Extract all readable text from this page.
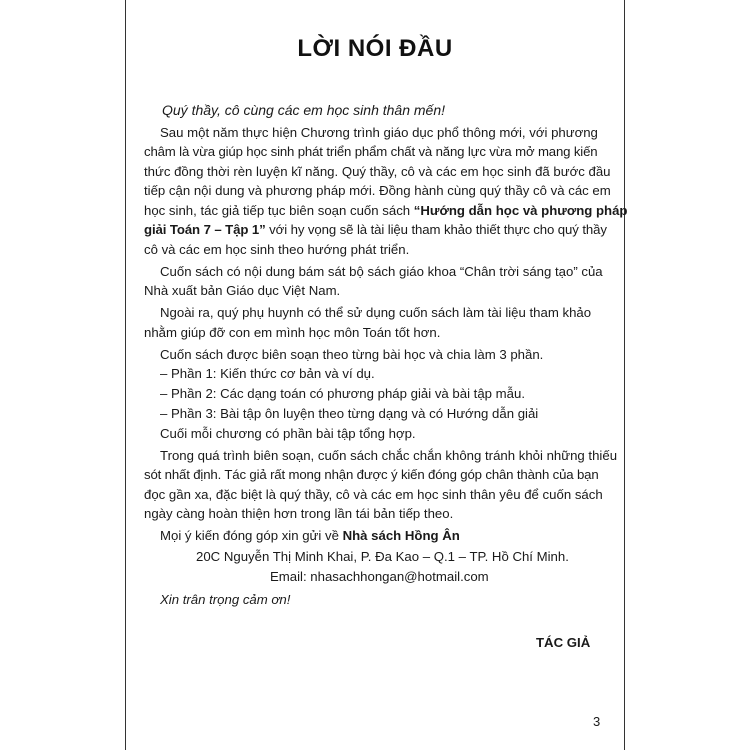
LỜI NÓI ĐẦU
Quý thầy, cô cùng các em học sinh thân mến!
Sau một năm thực hiện Chương trình giáo dục phổ thông mới, với phương
châm là vừa giúp học sinh phát triển phẩm chất và năng lực vừa mở mang kiến
thức đồng thời rèn luyện kĩ năng. Quý thầy, cô và các em học sinh đã bước đầu
tiếp cận nội dung và phương pháp mới. Đồng hành cùng quý thầy cô và các em
học sinh, tác giả tiếp tục biên soạn cuốn sách “Hướng dẫn học và phương pháp
giải Toán 7 – Tập 1” với hy vọng sẽ là tài liệu tham khảo thiết thực cho quý thầy
cô và các em học sinh theo hướng phát triển.
Cuốn sách có nội dung bám sát bộ sách giáo khoa “Chân trời sáng tạo” của
Nhà xuất bản Giáo dục Việt Nam.
Ngoài ra, quý phụ huynh có thể sử dụng cuốn sách làm tài liệu tham khảo
nhằm giúp đỡ con em mình học môn Toán tốt hơn.
Cuốn sách được biên soạn theo từng bài học và chia làm 3 phần.
– Phần 1: Kiến thức cơ bản và ví dụ.
– Phần 2: Các dạng toán có phương pháp giải và bài tập mẫu.
– Phần 3: Bài tập ôn luyện theo từng dạng và có Hướng dẫn giải
Cuối mỗi chương có phần bài tập tổng hợp.
Trong quá trình biên soạn, cuốn sách chắc chắn không tránh khỏi những thiếu
sót nhất định. Tác giả rất mong nhận được ý kiến đóng góp chân thành của bạn
đọc gần xa, đặc biệt là quý thầy, cô và các em học sinh thân yêu để cuốn sách
ngày càng hoàn thiện hơn trong lần tái bản tiếp theo.
Mọi ý kiến đóng góp xin gửi về Nhà sách Hồng Ân
20C Nguyễn Thị Minh Khai, P. Đa Kao – Q.1 – TP. Hồ Chí Minh.
Email: nhasachhongan@hotmail.com
Xin trân trọng cảm ơn!
TÁC GIẢ
3
